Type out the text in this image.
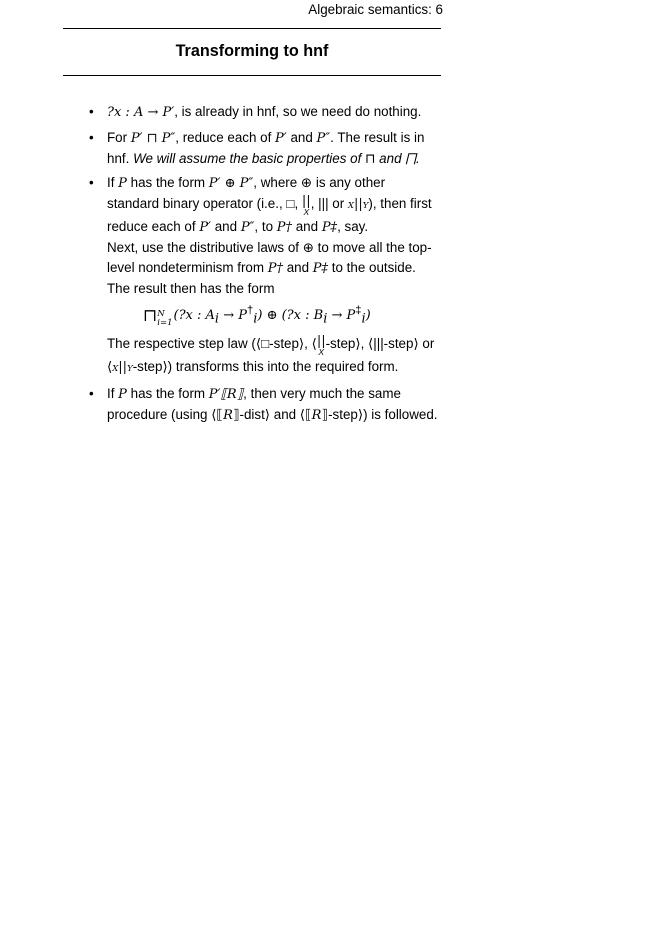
Algebraic semantics: 6
Transforming to hnf
•	?x : A → P′, is already in hnf, so we need do nothing.
• For P′ ⊓ P″, reduce each of P′ and P″. The result is in hnf. We will assume the basic properties of ⊓ and ⨅.
• If P has the form P′ ⊕ P″, where ⊕ is any other standard binary operator (i.e., □, ||
X
, ||| or X||Y), then first reduce each of P′ and P″, to P† and P‡, say.
Next, use the distributive laws of ⊕ to move all the top-level nondeterminism from P† and P‡ to the outside. The result then has the form
⊓ N
i=1 (?x : $A_i \to P^\dagger_i$) ⊕ (?x : $B_i \to P^\ddagger_i$)
The respective step law (⟨□-step⟩, ⟨||
X
-step⟩, ⟨|||-step⟩ or ⟨X||Y-step⟩) transforms this into the required form.
• If P has the form P′⟦R⟧, then very much the same procedure (using ⟨⟦R⟧-dist⟩ and ⟨⟦R⟧-step⟩) is followed.
